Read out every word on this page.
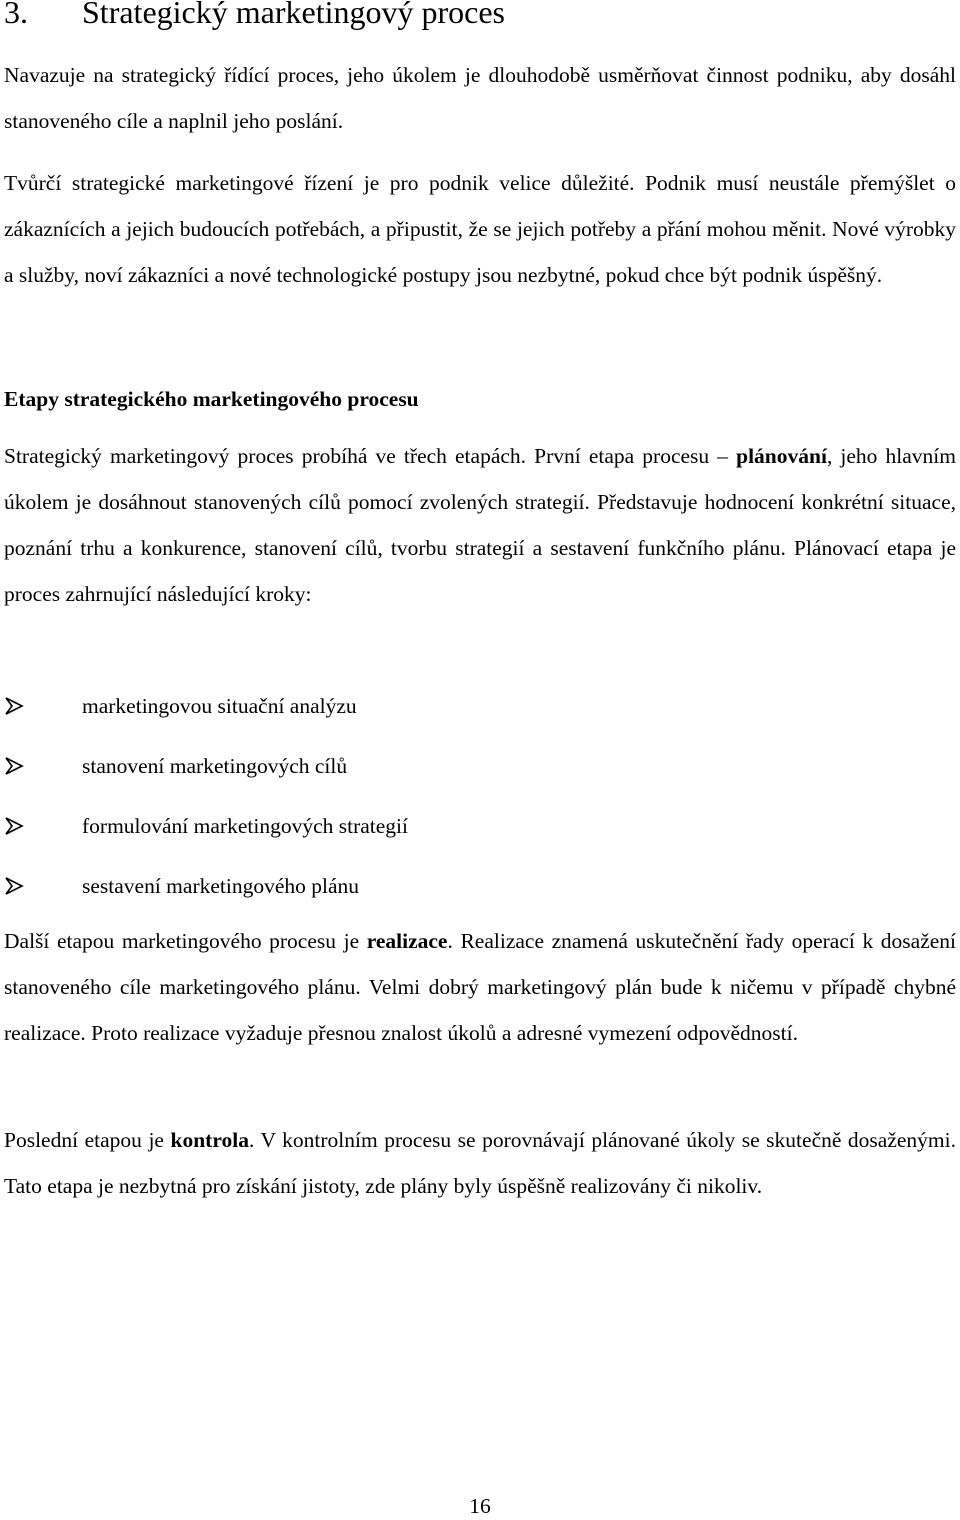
3. Strategický marketingový proces

Navazuje na strategický řídící proces, jeho úkolem je dlouhodobě usměrňovat činnost podniku, aby dosáhl stanoveného cíle a naplnil jeho poslání.

Tvůrčí strategické marketingové řízení je pro podnik velice důležité. Podnik musí neustále přemýšlet o zákaznících a jejich budoucích potřebách, a připustit, že se jejich potřeby a přání mohou měnit. Nové výrobky a služby, noví zákazníci a nové technologické postupy jsou nezbytné, pokud chce být podnik úspěšný.

Etapy strategického marketingového procesu

Strategický marketingový proces probíhá ve třech etapách. První etapa procesu – plánování, jeho hlavním úkolem je dosáhnout stanovených cílů pomocí zvolených strategií. Představuje hodnocení konkrétní situace, poznání trhu a konkurence, stanovení cílů, tvorbu strategií a sestavení funkčního plánu. Plánovací etapa je proces zahrnující následující kroky:

marketingovou situační analýzu
stanovení marketingových cílů
formulování marketingových strategií
sestavení marketingového plánu

Další etapou marketingového procesu je realizace. Realizace znamená uskutečnění řady operací k dosažení stanoveného cíle marketingového plánu. Velmi dobrý marketingový plán bude k ničemu v případě chybné realizace. Proto realizace vyžaduje přesnou znalost úkolů a adresné vymezení odpovědností.

Poslední etapou je kontrola. V kontrolním procesu se porovnávají plánované úkoly se skutečně dosaženými. Tato etapa je nezbytná pro získání jistoty, zde plány byly úspěšně realizovány či nikoliv.

16
